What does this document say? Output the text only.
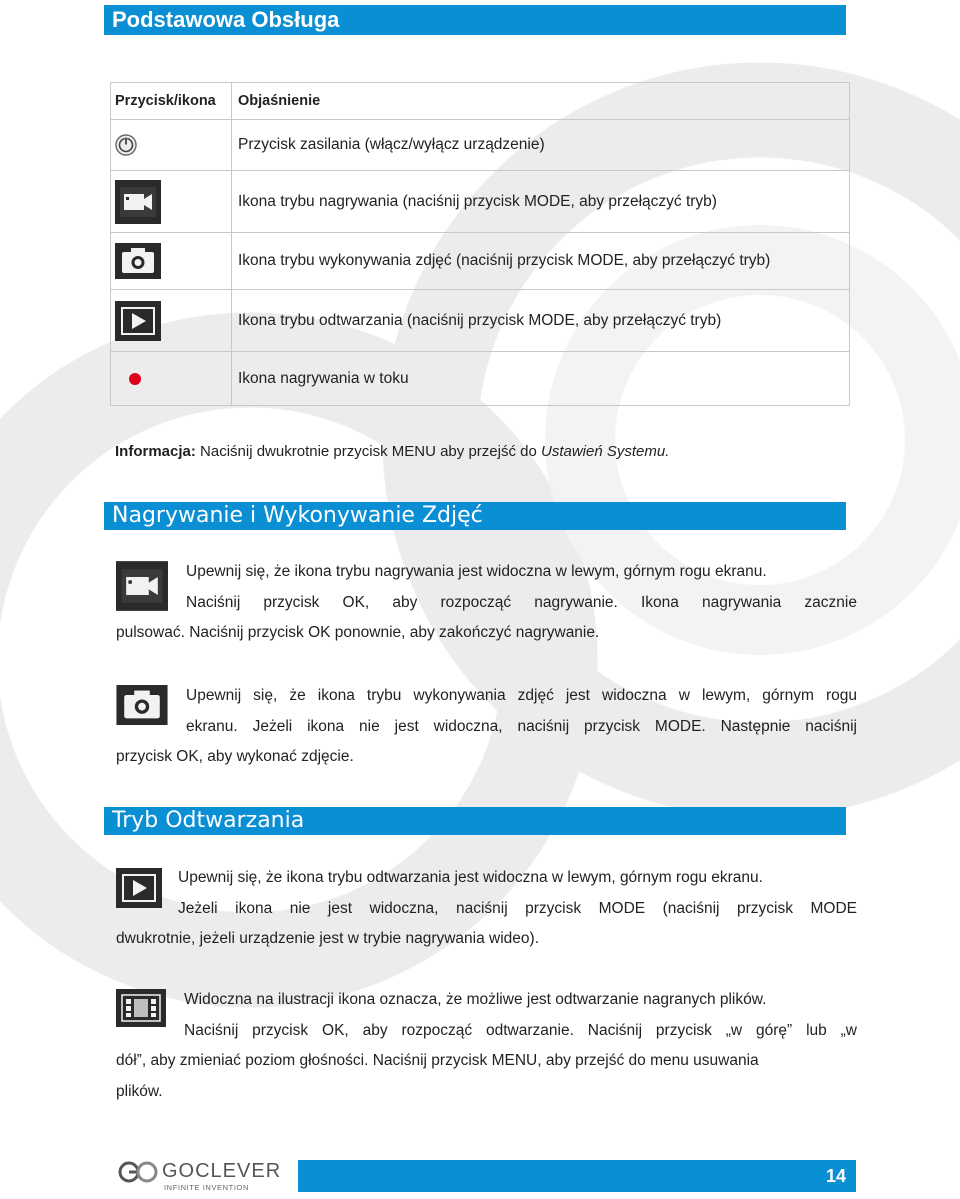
Podstawowa Obsługa
Przycisk/ikona	Objaśnienie
	Przycisk zasilania (włącz/wyłącz urządzenie)
	Ikona trybu nagrywania (naciśnij przycisk MODE, aby przełączyć tryb)
	Ikona trybu wykonywania zdjęć (naciśnij przycisk MODE, aby przełączyć tryb)
	Ikona trybu odtwarzania (naciśnij przycisk MODE, aby przełączyć tryb)
	Ikona nagrywania w toku
Informacja: Naciśnij dwukrotnie przycisk MENU aby przejść do Ustawień Systemu.
Nagrywanie i Wykonywanie Zdjęć
Upewnij się, że ikona trybu nagrywania jest widoczna w lewym, górnym rogu ekranu.
Naciśnij przycisk OK, aby rozpocząć nagrywanie. Ikona nagrywania zacznie
pulsować. Naciśnij przycisk OK ponownie, aby zakończyć nagrywanie.
Upewnij się, że ikona trybu wykonywania zdjęć jest widoczna w lewym, górnym rogu
ekranu. Jeżeli ikona nie jest widoczna, naciśnij przycisk MODE. Następnie naciśnij
przycisk OK, aby wykonać zdjęcie.
Tryb Odtwarzania
Upewnij się, że ikona trybu odtwarzania jest widoczna w lewym, górnym rogu ekranu.
Jeżeli ikona nie jest widoczna, naciśnij przycisk MODE (naciśnij przycisk MODE
dwukrotnie, jeżeli urządzenie jest w trybie nagrywania wideo).
Widoczna na ilustracji ikona oznacza, że możliwe jest odtwarzanie nagranych plików.
Naciśnij przycisk OK, aby rozpocząć odtwarzanie. Naciśnij przycisk „w górę” lub „w
dół”, aby zmieniać poziom głośności. Naciśnij przycisk MENU, aby przejść do menu usuwania
plików.
GOCLEVER
INFINITE INVENTION
14
